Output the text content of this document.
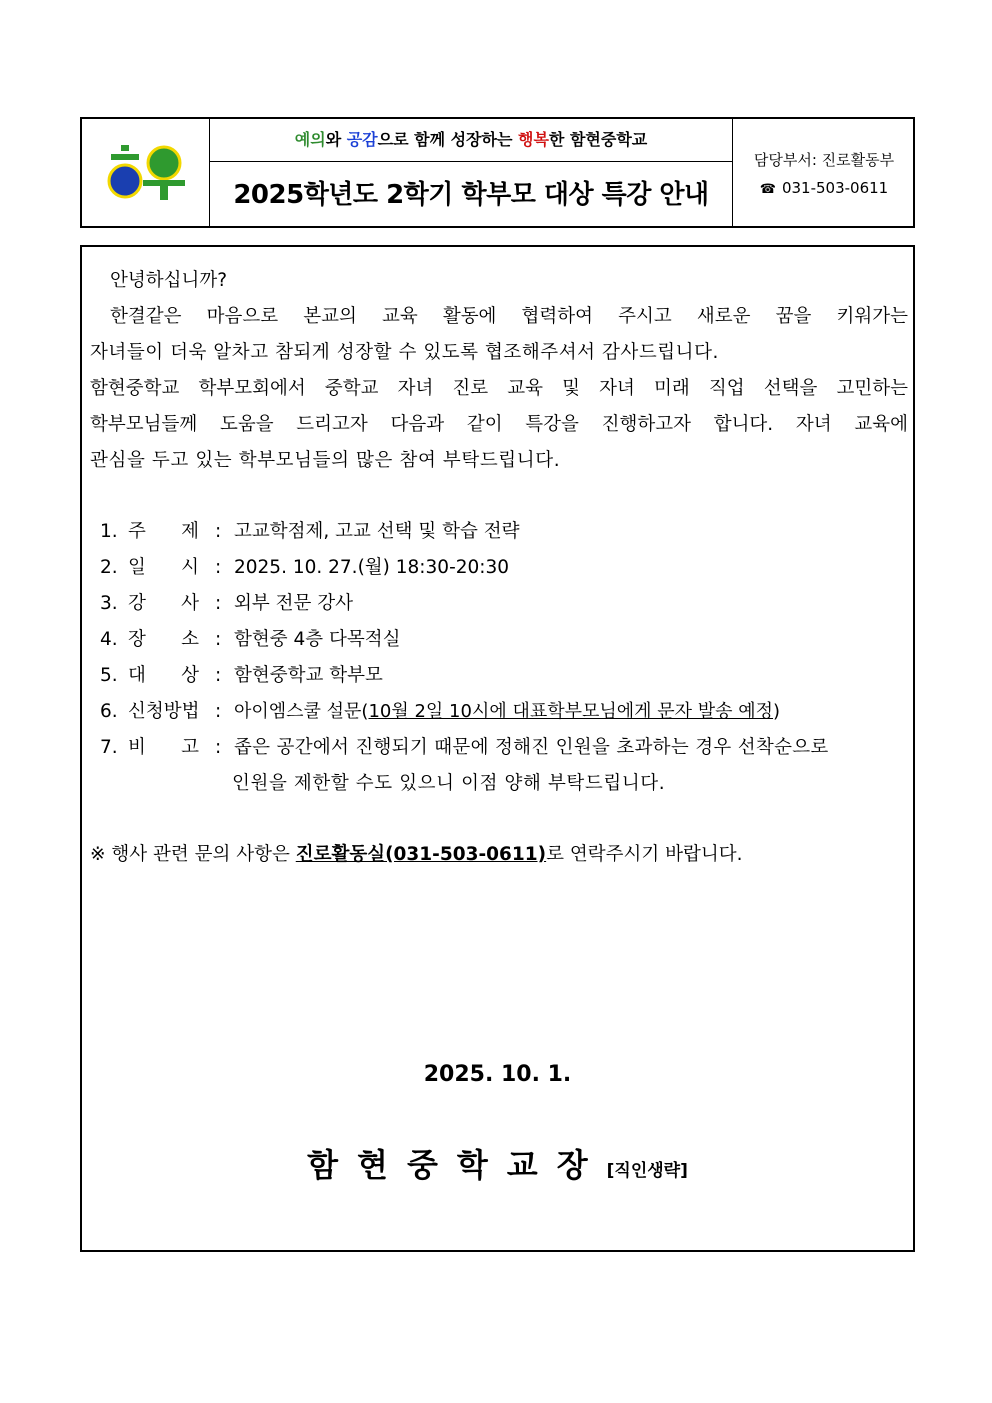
예의와 공감으로 함께 성장하는 행복한 함현중학교
2025학년도 2학기 학부모 대상 특강 안내
담당부서: 진로활동부
☎ 031-503-0611
안녕하십니까?
한결같은 마음으로 본교의 교육 활동에 협력하여 주시고 새로운 꿈을 키워가는
자녀들이 더욱 알차고 참되게 성장할 수 있도록 협조해주셔서 감사드립니다.
함현중학교 학부모회에서 중학교 자녀 진로 교육 및 자녀 미래 직업 선택을 고민하는
학부모님들께 도움을 드리고자 다음과 같이 특강을 진행하고자 합니다. 자녀 교육에
관심을 두고 있는 학부모님들의 많은 참여 부탁드립니다.
1. 주      제 : 고교학점제, 고교 선택 및 학습 전략
2. 일      시 : 2025. 10. 27.(월) 18:30-20:30
3. 강      사 : 외부 전문 강사
4. 장      소 : 함현중 4층 다목적실
5. 대      상 : 함현중학교 학부모
6. 신청방법 : 아이엠스쿨 설문(10월 2일 10시에 대표학부모님에게 문자 발송 예정)
7. 비      고 : 좁은 공간에서 진행되기 때문에 정해진 인원을 초과하는 경우 선착순으로
인원을 제한할 수도 있으니 이점 양해 부탁드립니다.
※ 행사 관련 문의 사항은 진로활동실(031-503-0611)로 연락주시기 바랍니다.
2025. 10. 1.
함현중학교장[직인생략]
